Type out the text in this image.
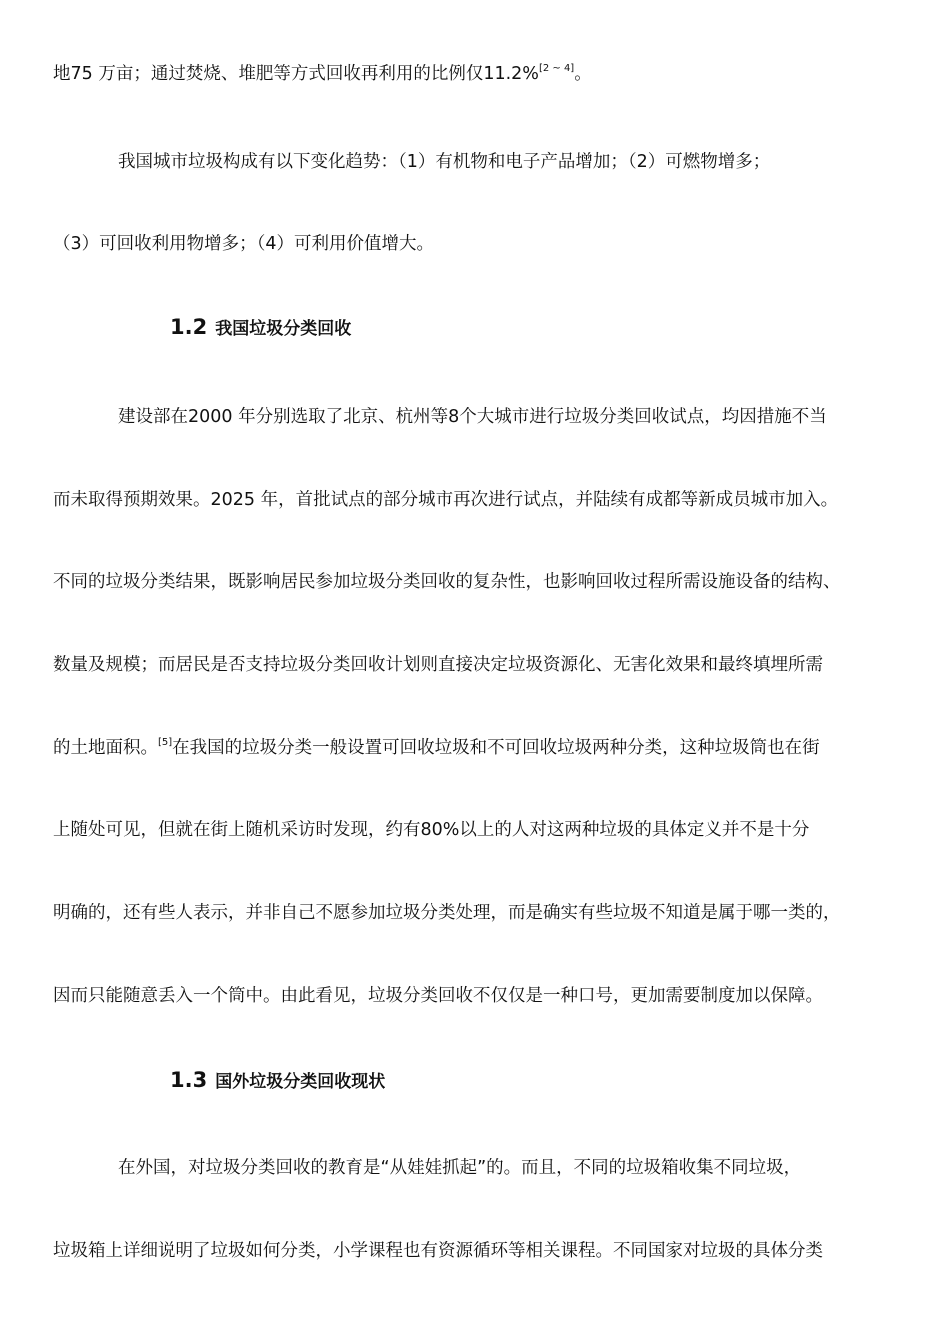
地75 万亩；通过焚烧、堆肥等方式回收再利用的比例仅11.2%[2 ~ 4]。
我国城市垃圾构成有以下变化趋势：（1）有机物和电子产品增加；（2）可燃物增多；
（3）可回收利用物增多；（4）可利用价值增大。
1.2 我国垃圾分类回收
建设部在2000 年分别选取了北京、杭州等8个大城市进行垃圾分类回收试点，均因措施不当
而未取得预期效果。2025 年，首批试点的部分城市再次进行试点，并陆续有成都等新成员城市加入。
不同的垃圾分类结果，既影响居民参加垃圾分类回收的复杂性，也影响回收过程所需设施设备的结构、
数量及规模；而居民是否支持垃圾分类回收计划则直接决定垃圾资源化、无害化效果和最终填埋所需
的土地面积。[5]在我国的垃圾分类一般设置可回收垃圾和不可回收垃圾两种分类，这种垃圾筒也在街
上随处可见，但就在街上随机采访时发现，约有80%以上的人对这两种垃圾的具体定义并不是十分
明确的，还有些人表示，并非自己不愿参加垃圾分类处理，而是确实有些垃圾不知道是属于哪一类的，
因而只能随意丢入一个筒中。由此看见，垃圾分类回收不仅仅是一种口号，更加需要制度加以保障。
1.3 国外垃圾分类回收现状
在外国，对垃圾分类回收的教育是“从娃娃抓起”的。而且，不同的垃圾箱收集不同垃圾，
垃圾箱上详细说明了垃圾如何分类，小学课程也有资源循环等相关课程。不同国家对垃圾的具体分类
